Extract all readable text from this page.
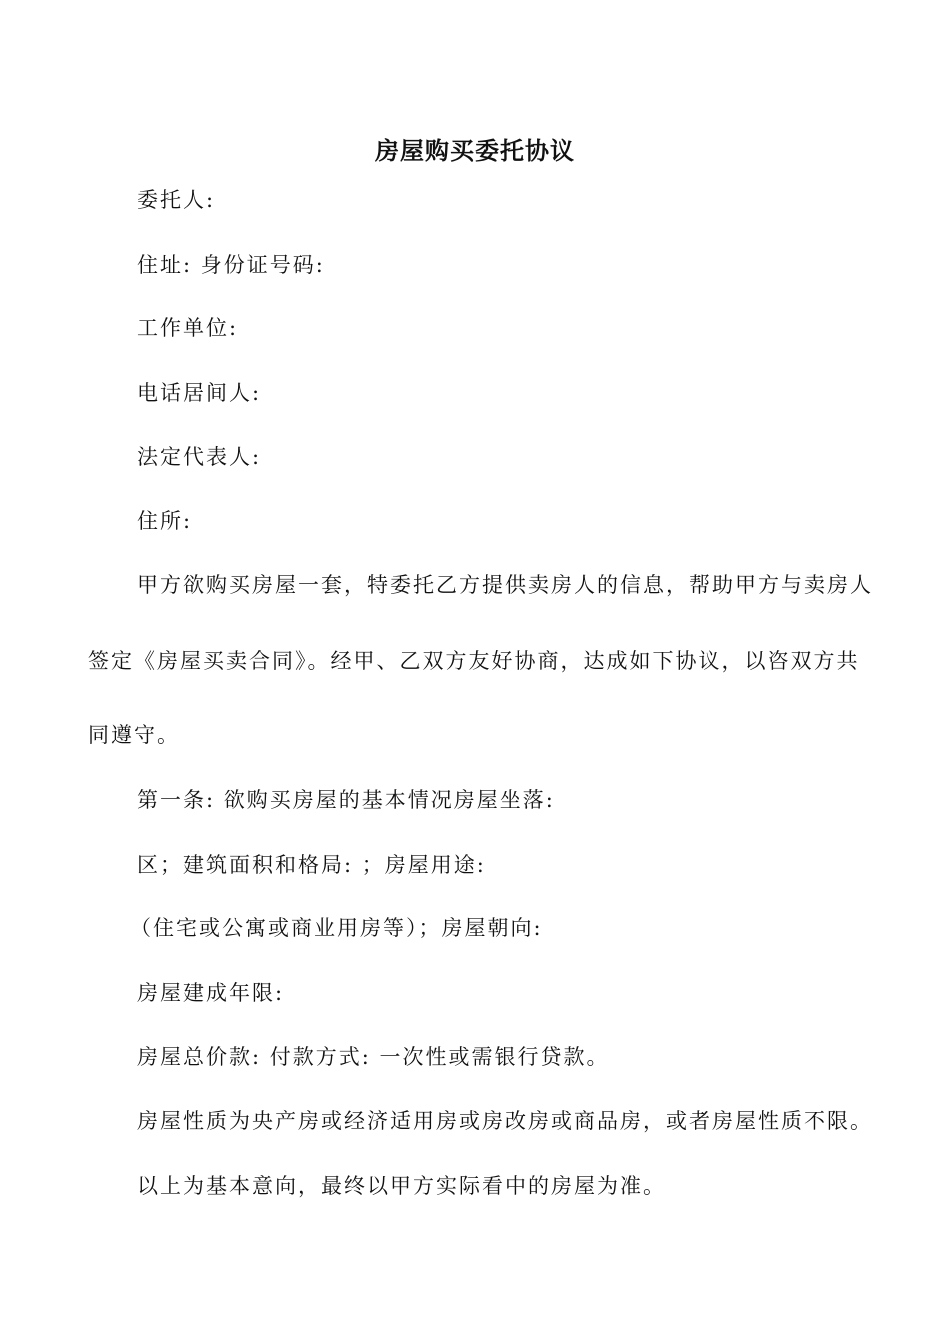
房屋购买委托协议
委托人:
住址: 身份证号码:
工作单位:
电话居间人:
法定代表人:
住所:
甲方欲购买房屋一套，特委托乙方提供卖房人的信息，帮助甲方与卖房人
签定《房屋买卖合同》。经甲、乙双方友好协商，达成如下协议，以咨双方共
同遵守。
第一条: 欲购买房屋的基本情况房屋坐落:
区；建筑面积和格局: ；房屋用途:
（住宅或公寓或商业用房等）；房屋朝向:
房屋建成年限:
房屋总价款: 付款方式: 一次性或需银行贷款。
房屋性质为央产房或经济适用房或房改房或商品房，或者房屋性质不限。
以上为基本意向，最终以甲方实际看中的房屋为准。
